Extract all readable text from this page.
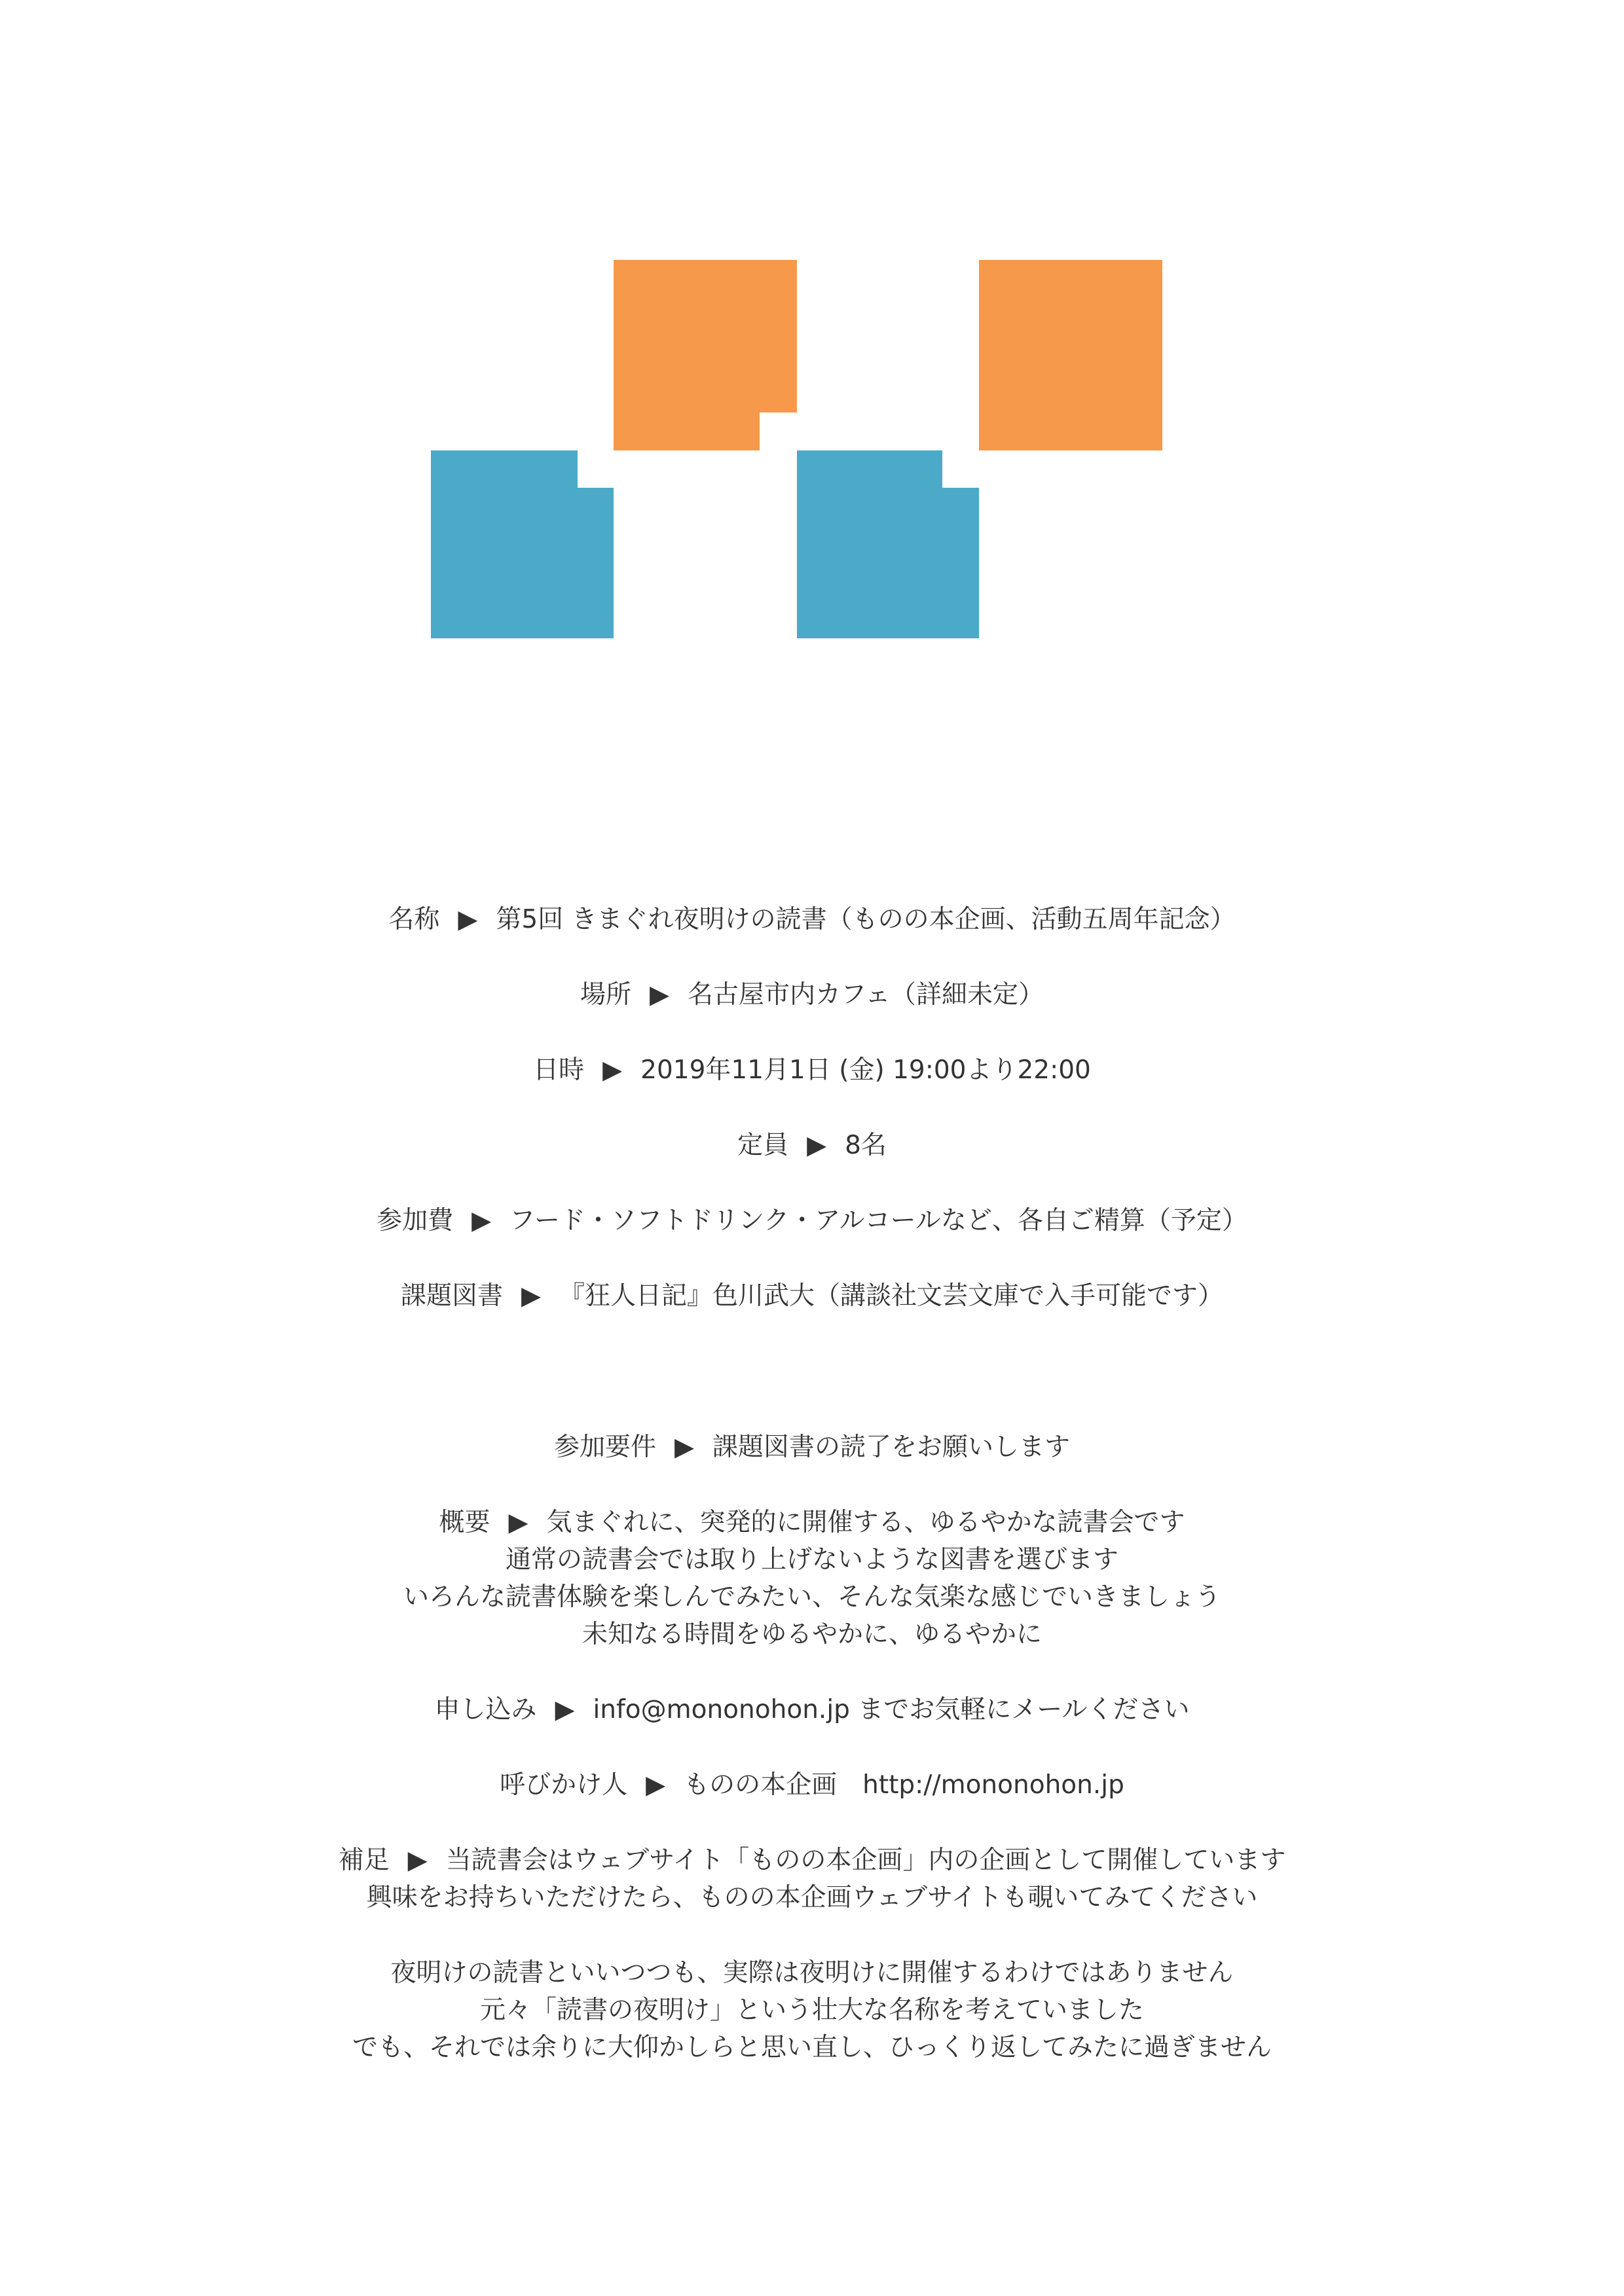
名称 ▶ 第5回 きまぐれ夜明けの読書（ものの本企画、活動五周年記念）
場所 ▶ 名古屋市内カフェ（詳細未定）
日時 ▶ 2019年11月1日 (金) 19:00より22:00
定員 ▶ 8名
参加費 ▶ フード・ソフトドリンク・アルコールなど、各自ご精算（予定）
課題図書 ▶ 『狂人日記』色川武大（講談社文芸文庫で入手可能です）
参加要件 ▶ 課題図書の読了をお願いします
概要 ▶ 気まぐれに、突発的に開催する、ゆるやかな読書会です
通常の読書会では取り上げないような図書を選びます
いろんな読書体験を楽しんでみたい、そんな気楽な感じでいきましょう
未知なる時間をゆるやかに、ゆるやかに
申し込み ▶ info@mononohon.jp までお気軽にメールください
呼びかけ人 ▶ ものの本企画　http://mononohon.jp
補足 ▶ 当読書会はウェブサイト「ものの本企画」内の企画として開催しています
興味をお持ちいただけたら、ものの本企画ウェブサイトも覗いてみてください
夜明けの読書といいつつも、実際は夜明けに開催するわけではありません
元々「読書の夜明け」という壮大な名称を考えていました
でも、それでは余りに大仰かしらと思い直し、ひっくり返してみたに過ぎません
